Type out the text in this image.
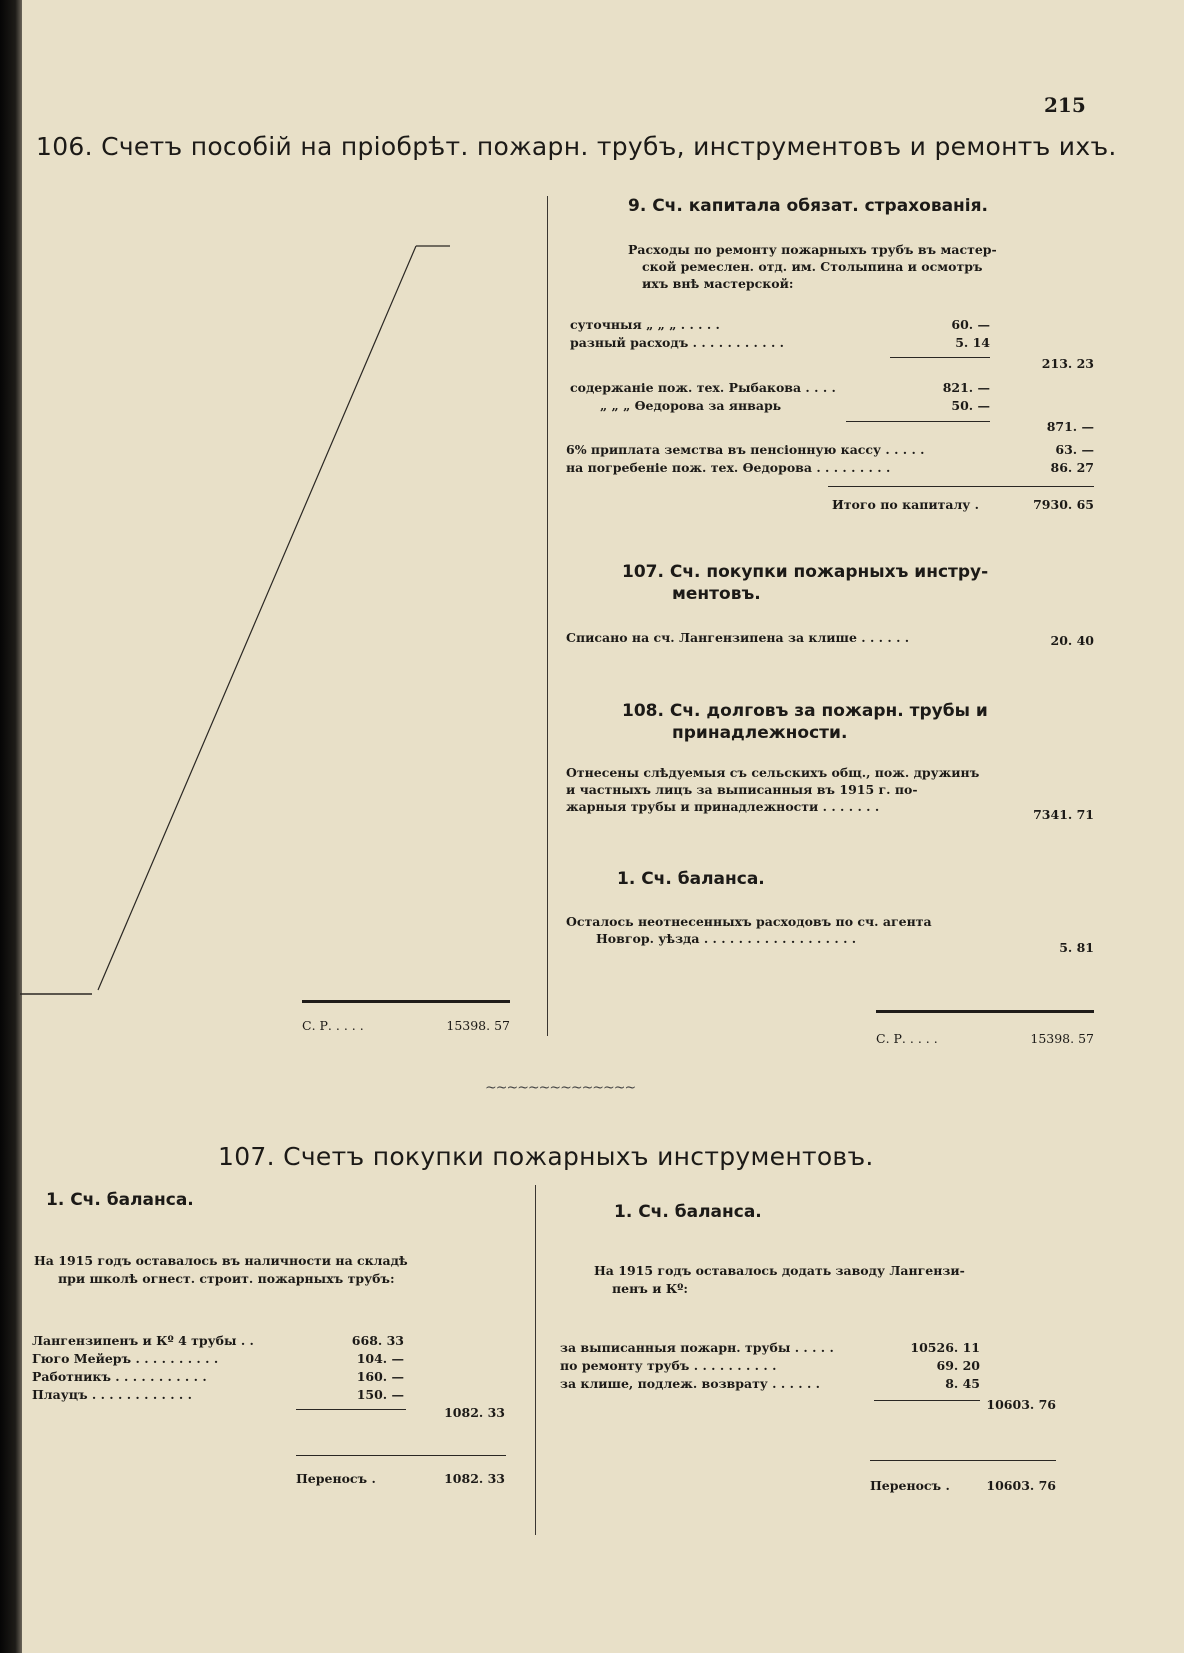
215
106. Счетъ пособій на пріобрѣт. пожарн. трубъ, инструментовъ и ремонтъ ихъ.
С. Р. . . . .	15398. 57
9. Сч. капитала обязат. страхованія.
Расходы по ремонту пожарныхъ трубъ въ мастер-
ской ремеслен. отд. им. Столыпина и осмотръ
ихъ внѣ мастерской:
суточныя „ „ „ . . . . .	60. —
разный расходъ . . . . . . . . . . .	5. 14
213. 23
содержаніе пож. тех. Рыбакова . . . .	821. —
„ „ „ Ѳедорова за январь	50. —
871. —
6% приплата земства въ пенсіонную кассу . . . . .	63. —
на погребеніе пож. тех. Ѳедорова . . . . . . . . .	86. 27
Итого по капиталу .	7930. 65
107. Сч. покупки пожарныхъ инстру-
ментовъ.
Списано на сч. Лангензипена за клише . . . . . .	20. 40
108. Сч. долговъ за пожарн. трубы и
принадлежности.
Отнесены слѣдуемыя съ сельскихъ общ., пож. дружинъ
и частныхъ лицъ за выписанныя въ 1915 г. по-
жарныя трубы и принадлежности . . . . . . .
7341. 71
1. Сч. баланса.
Осталось неотнесенныхъ расходовъ по сч. агента
Новгор. уѣзда . . . . . . . . . . . . . . . . . .
5. 81
С. Р. . . . .	15398. 57
~~~~~~~~~~~~~~
107. Счетъ покупки пожарныхъ инструментовъ.
1. Сч. баланса.
На 1915 годъ оставалось въ наличности на складѣ
при школѣ огнест. строит. пожарныхъ трубъ:
Лангензипенъ и Кº 4 трубы . .	668. 33
Гюго Мейеръ . . . . . . . . . .	104. —
Работникъ . . . . . . . . . . .	160. —
Плауцъ . . . . . . . . . . . .	150. —
1082. 33
Переносъ .	1082. 33
1. Сч. баланса.
На 1915 годъ оставалось додать заводу Лангензи-
пенъ и Кº:
за выписанныя пожарн. трубы . . . . .	10526. 11
по ремонту трубъ . . . . . . . . . .	69. 20
за клише, подлеж. возврату . . . . . .	8. 45
10603. 76
Переносъ .	10603. 76
